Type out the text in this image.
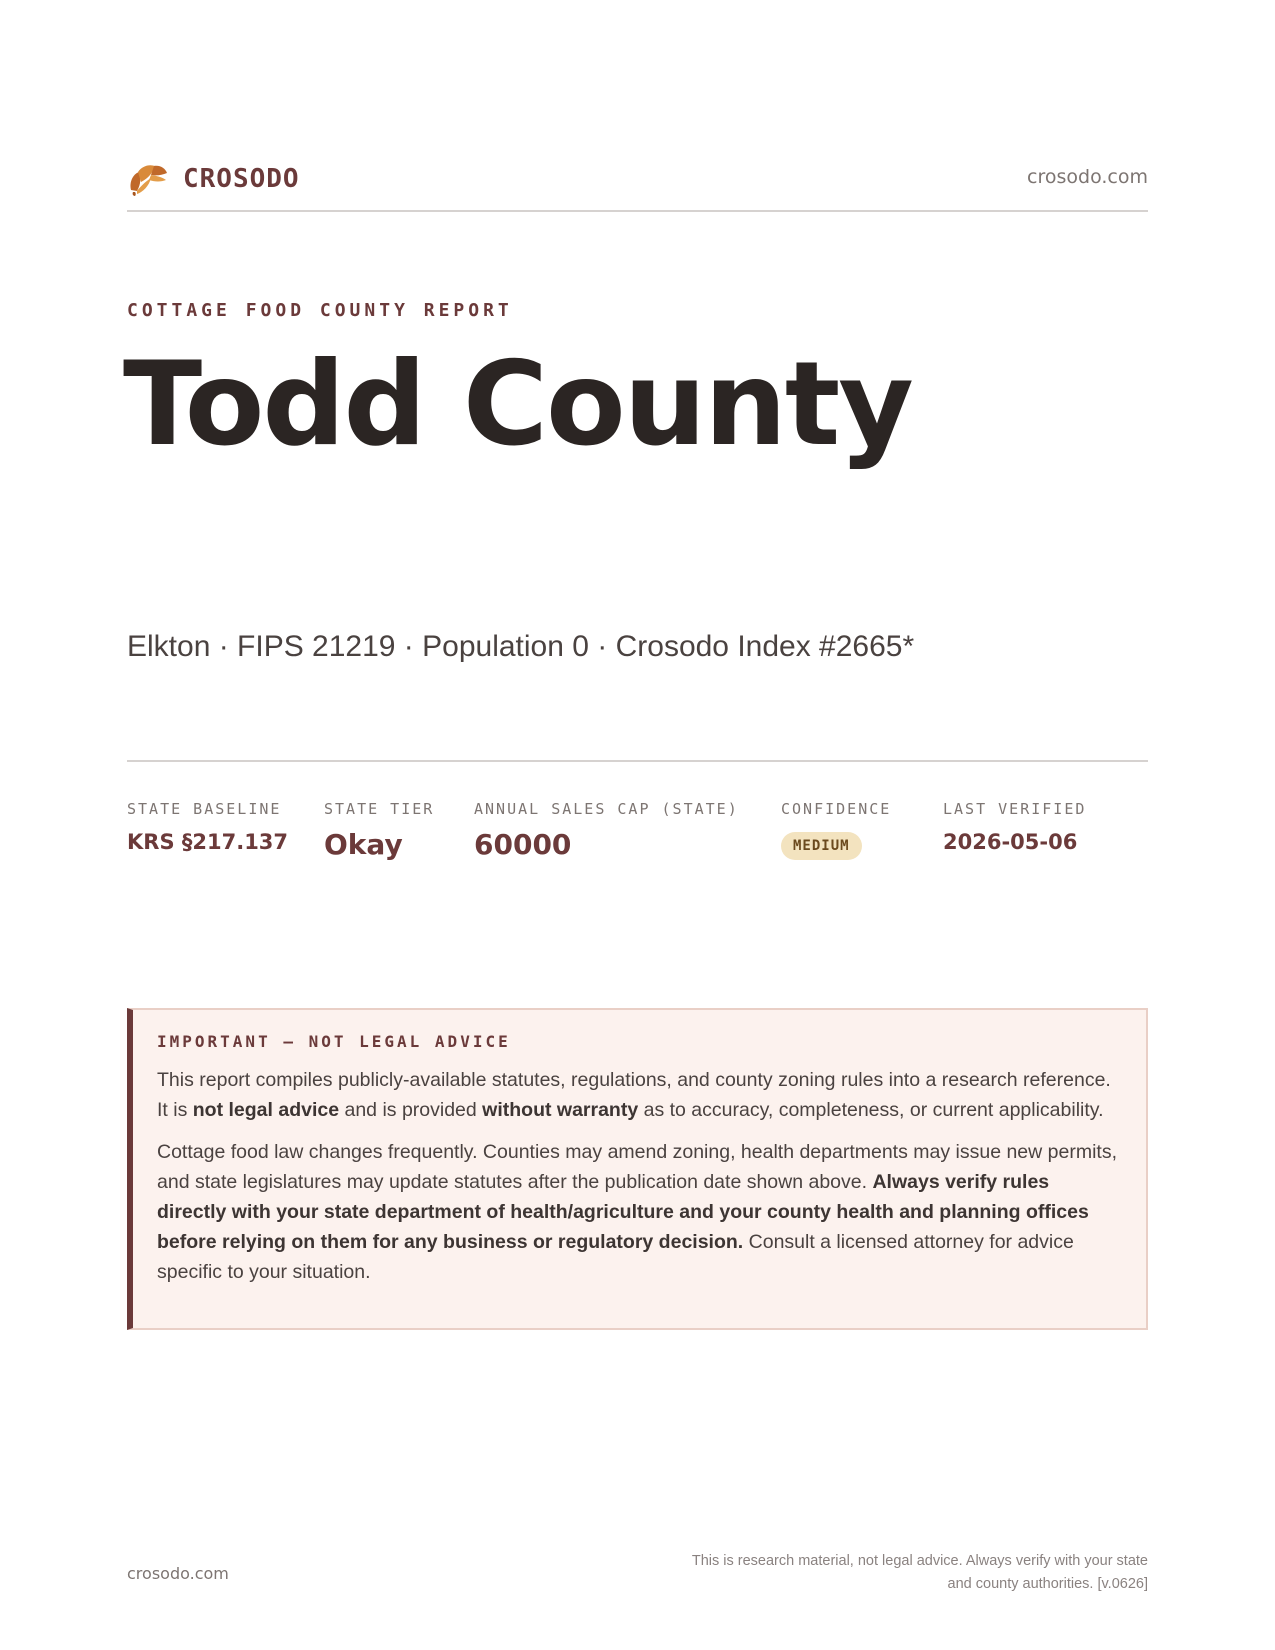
CROSODO	crosodo.com
COTTAGE FOOD COUNTY REPORT
Todd County
Elkton · FIPS 21219 · Population 0 · Crosodo Index #2665*
STATE BASELINE
KRS §217.137
STATE TIER
Okay
ANNUAL SALES CAP (STATE)
60000
CONFIDENCE
MEDIUM
LAST VERIFIED
2026-05-06
IMPORTANT — NOT LEGAL ADVICE

This report compiles publicly-available statutes, regulations, and county zoning rules into a research reference. It is not legal advice and is provided without warranty as to accuracy, completeness, or current applicability.

Cottage food law changes frequently. Counties may amend zoning, health departments may issue new permits, and state legislatures may update statutes after the publication date shown above. Always verify rules directly with your state department of health/agriculture and your county health and planning offices before relying on them for any business or regulatory decision. Consult a licensed attorney for advice specific to your situation.

crosodo.com
This is research material, not legal advice. Always verify with your state
and county authorities. [v.0626]
